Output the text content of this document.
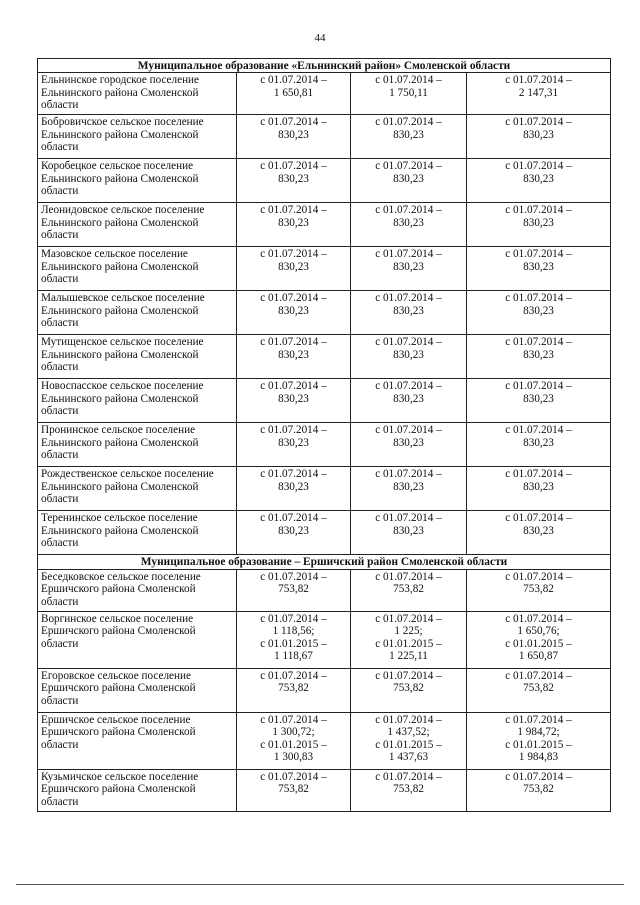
44
Муниципальное образование «Ельнинский район» Смоленской области			
Ельнинское городское поселение Ельнинского района Смоленской области	с 01.07.2014 –
1 650,81	с 01.07.2014 –
1 750,11	с 01.07.2014 –
2 147,31

Бобровичское сельское поселение Ельнинского района Смоленской области	с 01.07.2014 –
830,23	с 01.07.2014 –
830,23	с 01.07.2014 –
830,23

Коробецкое сельское поселение Ельнинского района Смоленской области	с 01.07.2014 –
830,23	с 01.07.2014 –
830,23	с 01.07.2014 –
830,23

Леонидовское сельское поселение Ельнинского района Смоленской области	с 01.07.2014 –
830,23	с 01.07.2014 –
830,23	с 01.07.2014 –
830,23

Мазовское сельское поселение Ельнинского района Смоленской области	с 01.07.2014 –
830,23	с 01.07.2014 –
830,23	с 01.07.2014 –
830,23

Малышевское сельское поселение Ельнинского района Смоленской области	с 01.07.2014 –
830,23	с 01.07.2014 –
830,23	с 01.07.2014 –
830,23

Мутищенское сельское поселение Ельнинского района Смоленской области	с 01.07.2014 –
830,23	с 01.07.2014 –
830,23	с 01.07.2014 –
830,23

Новоспасское сельское поселение Ельнинского района Смоленской области	с 01.07.2014 –
830,23	с 01.07.2014 –
830,23	с 01.07.2014 –
830,23

Пронинское сельское поселение Ельнинского района Смоленской области	с 01.07.2014 –
830,23	с 01.07.2014 –
830,23	с 01.07.2014 –
830,23

Рождественское сельское поселение Ельнинского района Смоленской области	с 01.07.2014 –
830,23	с 01.07.2014 –
830,23	с 01.07.2014 –
830,23

Теренинское сельское поселение Ельнинского района Смоленской области	с 01.07.2014 –
830,23	с 01.07.2014 –
830,23	с 01.07.2014 –
830,23

Муниципальное образование – Ершичский район Смоленской области			
Беседковское сельское поселение Ершичского района Смоленской области	с 01.07.2014 –
753,82	с 01.07.2014 –
753,82	с 01.07.2014 –
753,82

Воргинское сельское поселение Ершичского района Смоленской области	с 01.07.2014 –
1 118,56;
с 01.01.2015 –
1 118,67	с 01.07.2014 –
1 225;
с 01.01.2015 –
1 225,11	с 01.07.2014 –
1 650,76;
с 01.01.2015 –
1 650,87

Егоровское сельское поселение Ершичского района Смоленской области	с 01.07.2014 –
753,82	с 01.07.2014 –
753,82	с 01.07.2014 –
753,82

Ершичское сельское поселение Ершичского района Смоленской области	с 01.07.2014 –
1 300,72;
с 01.01.2015 –
1 300,83	с 01.07.2014 –
1 437,52;
с 01.01.2015 –
1 437,63	с 01.07.2014 –
1 984,72;
с 01.01.2015 –
1 984,83

Кузьмичское сельское поселение Ершичского района Смоленской области	с 01.07.2014 –
753,82	с 01.07.2014 –
753,82	с 01.07.2014 –
753,82
